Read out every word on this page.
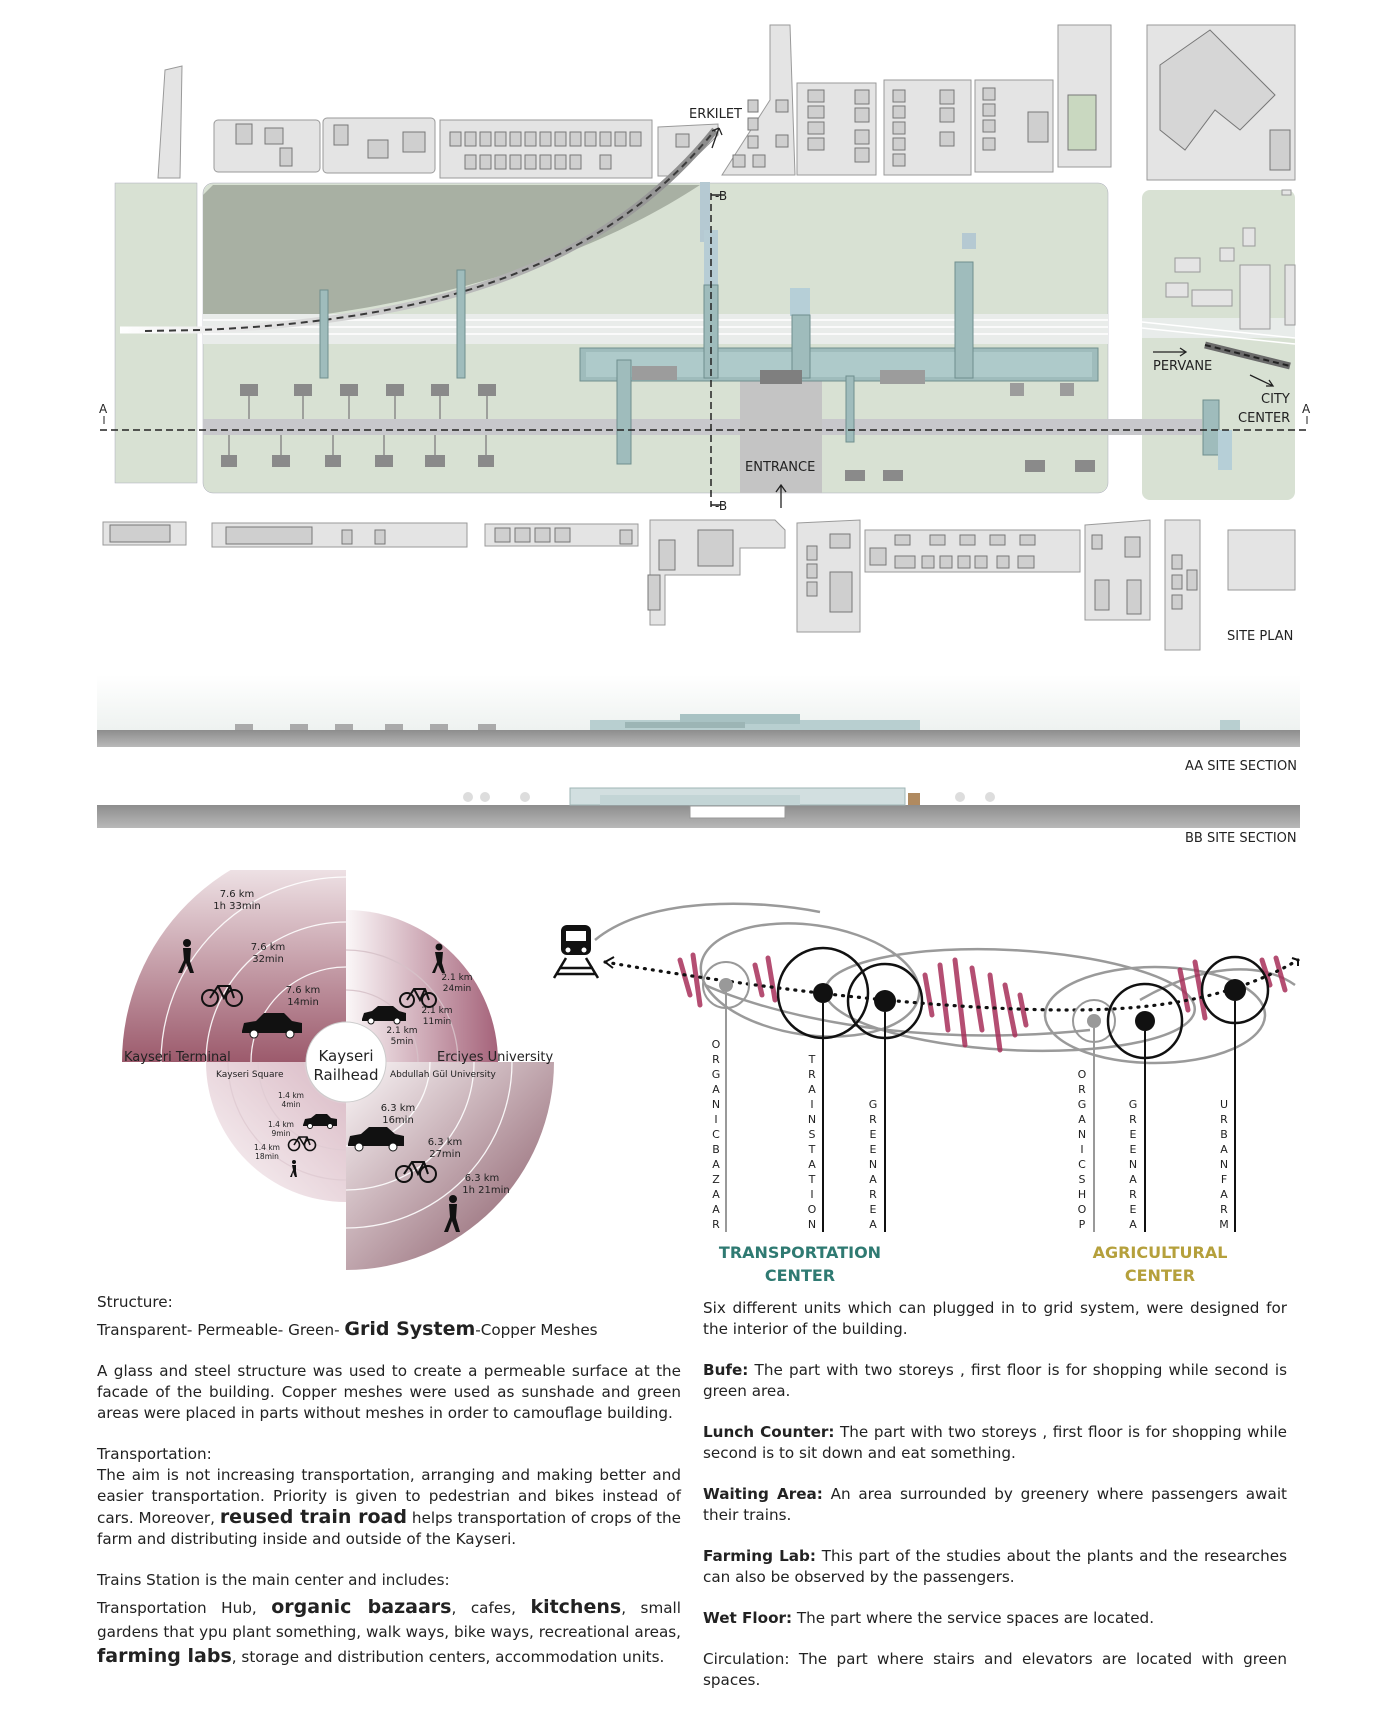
ERKILET
PERVANE
CITY
CENTER
ENTRANCE
A	A
-B
-B
SITE PLAN
AA SITE SECTION
BB SITE SECTION
Kayseri
Railhead
Kayseri Terminal
Kayseri Square
Erciyes University
Abdullah Gül University
7.6 km
1h 33min
7.6 km
32min
7.6 km
14min
2.1 km
24min
2.1 km
11min
2.1 km
5min
1.4 km
4min
1.4 km
9min
1.4 km
18min
6.3 km
16min
6.3 km
27min
6.3 km
1h 21min
O R G A N I C B A Z A A R
T R A I N S T A T I O N
G R E E N A R E A
O R G A N I C S H O P
G R E E N A R E A
U R B A N F A R M
TRANSPORTATION
CENTER
AGRICULTURAL
CENTER

Structure:

Transparent- Permeable- Green- Grid System-Copper Meshes

A glass and steel structure was used to create a permeable surface at the facade of the building. Copper meshes were used as sunshade and green areas were placed in parts without meshes in order to camouflage building.

Transportation:

The aim is not increasing transportation, arranging and making better and easier transportation. Priority is given to pedestrian and bikes instead of cars. Moreover, reused train road helps transportation of crops of the farm and distributing inside and outside of the Kayseri.

Trains Station is the main center and includes:

Transportation Hub, organic bazaars, cafes, kitchens, small gardens that ypu plant something, walk ways, bike ways, recreational areas, farming labs, storage and distribution centers, accommodation units.

Six different units which can plugged in to grid system, were designed for the interior of the building.

Bufe: The part with two storeys , first floor is for shopping while second is green area.

Lunch Counter: The part with two storeys , first floor is for shopping while second is to sit down and eat something.

Waiting Area: An area surrounded by greenery where passengers await their trains.

Farming Lab: This part of the studies about the plants and the researches can also be observed by the passengers.

Wet Floor: The part where the service spaces are located.

Circulation: The part where stairs and elevators are located with green spaces.
